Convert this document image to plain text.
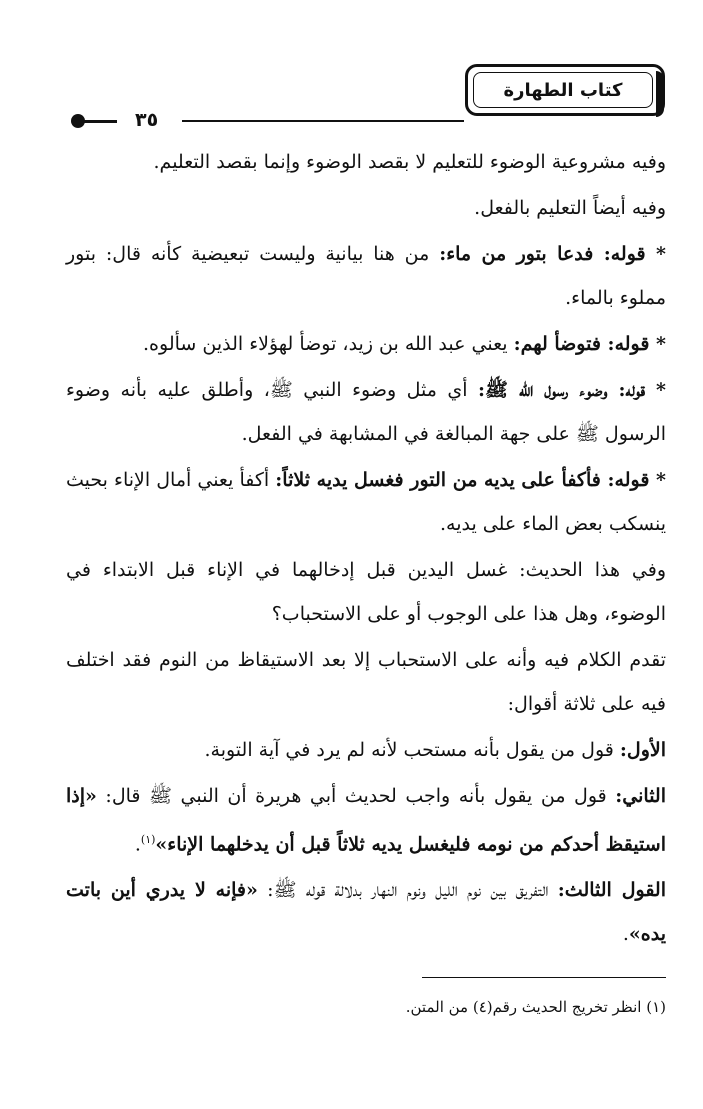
كتاب الطهارة
٣٥

وفيه مشروعية الوضوء للتعليم لا بقصد الوضوء وإنما بقصد التعليم.

وفيه أيضاً التعليم بالفعل.

* قوله: فدعا بتور من ماء: من هنا بيانية وليست تبعيضية كأنه قال: بتور مملوء بالماء.

* قوله: فتوضأ لهم: يعني عبد الله بن زيد، توضأ لهؤلاء الذين سألوه.

* قوله: وضوء رسول الله ﷺ: أي مثل وضوء النبي ﷺ، وأطلق عليه بأنه وضوء الرسول ﷺ على جهة المبالغة في المشابهة في الفعل.

* قوله: فأكفأ على يديه من التور فغسل يديه ثلاثاً: أكفأ يعني أمال الإناء بحيث ينسكب بعض الماء على يديه.

وفي هذا الحديث: غسل اليدين قبل إدخالهما في الإناء قبل الابتداء في الوضوء، وهل هذا على الوجوب أو على الاستحباب؟

تقدم الكلام فيه وأنه على الاستحباب إلا بعد الاستيقاظ من النوم فقد اختلف فيه على ثلاثة أقوال:

الأول: قول من يقول بأنه مستحب لأنه لم يرد في آية التوبة.

الثاني: قول من يقول بأنه واجب لحديث أبي هريرة أن النبي ﷺ قال: «إذا استيقظ أحدكم من نومه فليغسل يديه ثلاثاً قبل أن يدخلهما الإناء»$^{(١)}$.

القول الثالث: التفريق بين نوم الليل ونوم النهار بدلالة قوله ﷺ: «فإنه لا يدري أين باتت يده».

(١) انظر تخريج الحديث رقم(٤) من المتن.
